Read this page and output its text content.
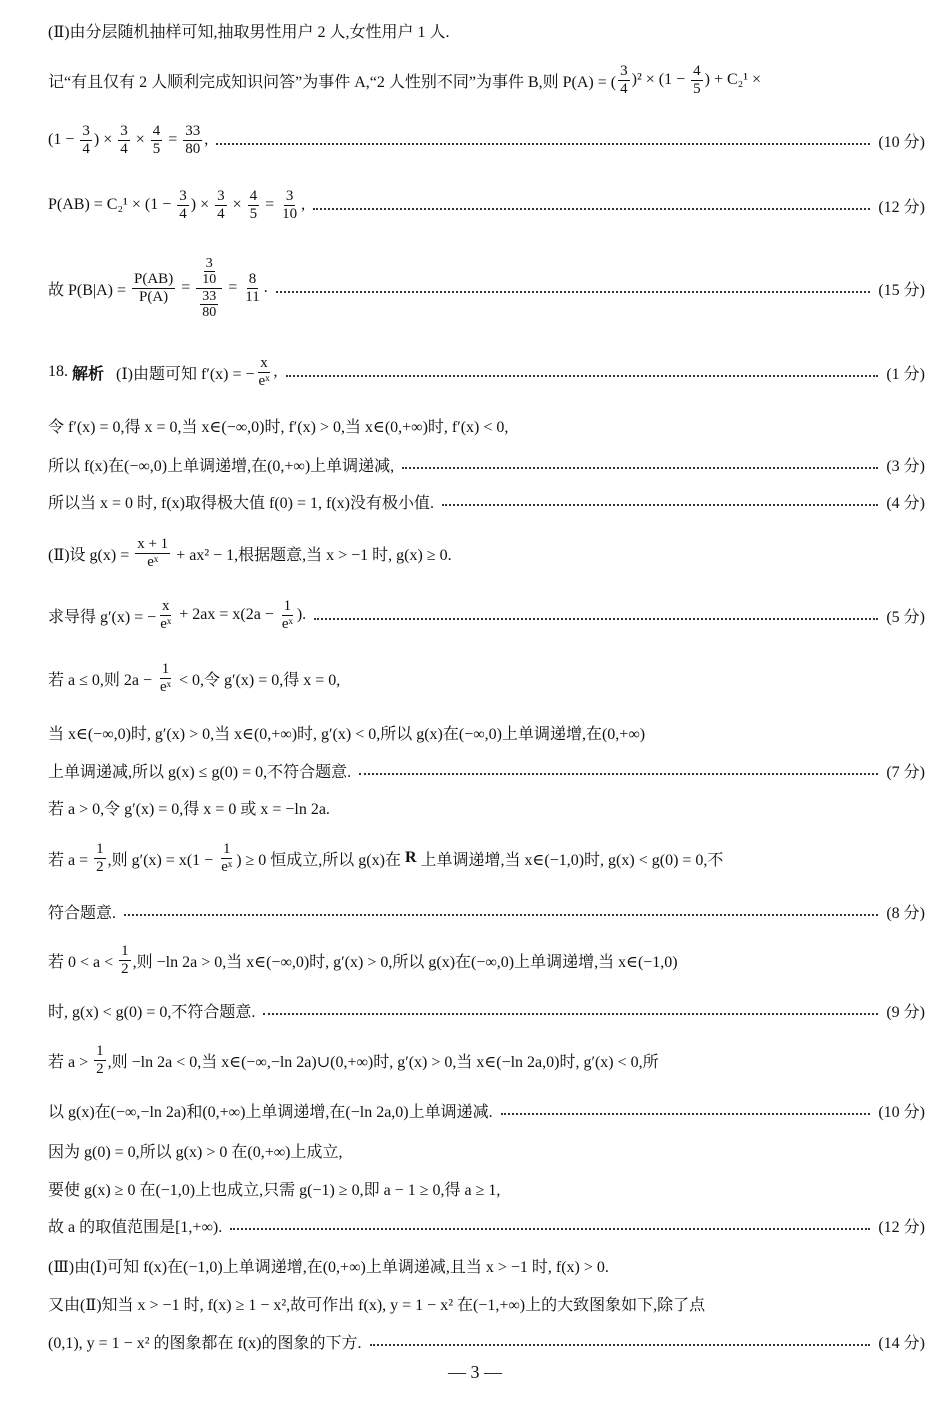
(Ⅱ)由分层随机抽样可知,抽取男性用户 2 人,女性用户 1 人.
记“有且仅有 2 人顺利完成知识问答”为事件 A,“2 人性别不同”为事件 B,则 P(A) = ( $\frac{3}{4} )^2 \times (1 - \frac{4}{5}$ ) + C₂¹ ×
($1 - \frac{3}{4}$ ) × $\frac{3}{4} \times \frac{4}{5} = \frac{33}{80}$ ,	(10 分)
$P(AB) = C_2^1 \times (1 - \frac{3}{4}$ ) × $\frac{3}{4} \times \frac{4}{5} = \frac{3}{10}$ ,	(12 分)
故 $P(B|A) = \frac{P(AB)}{P(A)} = \frac{\frac{3}{10}}{\frac{33}{80}} = \frac{8}{11}$ .	(15 分)
18. 解析 (Ⅰ)由题可知 f′(x) = − $\frac{x}{\text{eˣ}}$ ,	(1 分)
令 f′(x) = 0,得 x = 0,当 x∈(−∞,0)时, f′(x) > 0,当 x∈(0,+∞)时, f′(x) < 0,
所以 f(x)在(−∞,0)上单调递增,在(0,+∞)上单调递减,	(3 分)
所以当 x = 0 时, f(x)取得极大值 f(0) = 1, f(x)没有极小值.	(4 分)
(Ⅱ)设 $g(x) = \frac{x + 1}{\text{eˣ}} + ax^2 - 1$,根据题意,当 x > −1 时, g(x) ≥ 0.
求导得 g′(x) = − $\frac{x}{\text{eˣ}} + 2ax = x(2a - \frac{1}{\text{eˣ}}$ ).	(5 分)
若 a ≤ 0,则 $2a - \frac{1}{\text{eˣ}} < 0$,令 g′(x) = 0,得 x = 0,
当 x∈(−∞,0)时, g′(x) > 0,当 x∈(0,+∞)时, g′(x) < 0,所以 g(x)在(−∞,0)上单调递增,在(0,+∞)
上单调递减,所以 g(x) ≤ g(0) = 0,不符合题意.	(7 分)
若 a > 0,令 g′(x) = 0,得 x = 0 或 x = −ln 2a.
若 $a = \frac{1}{2}$ ,则 $g'(x) = x(1 - \frac{1}{\text{eˣ}}$ ) ≥ 0 恒成立,所以 g(x)在 R 上单调递增,当 x∈(−1,0)时, g(x) < g(0) = 0,不
符合题意.	(8 分)
若 $0 < a < \frac{1}{2}$ ,则 −ln 2a > 0,当 x∈(−∞,0)时, g′(x) > 0,所以 g(x)在(−∞,0)上单调递增,当 x∈(−1,0)
时, g(x) < g(0) = 0,不符合题意.	(9 分)
若 $a > \frac{1}{2}$ ,则 −ln 2a < 0,当 x∈(−∞,−ln 2a)∪(0,+∞)时, g′(x) > 0,当 x∈(−ln 2a,0)时, g′(x) < 0,所
以 g(x)在(−∞,−ln 2a)和(0,+∞)上单调递增,在(−ln 2a,0)上单调递减.	(10 分)
因为 g(0) = 0,所以 g(x) > 0 在(0,+∞)上成立,
要使 g(x) ≥ 0 在(−1,0)上也成立,只需 g(−1) ≥ 0,即 a − 1 ≥ 0,得 a ≥ 1,
故 a 的取值范围是[1,+∞).	(12 分)
(Ⅲ)由(Ⅰ)可知 f(x)在(−1,0)上单调递增,在(0,+∞)上单调递减,且当 x > −1 时, f(x) > 0.
又由(Ⅱ)知当 x > −1 时, f(x) ≥ 1 − x²,故可作出 f(x), y = 1 − x² 在(−1,+∞)上的大致图象如下,除了点
(0,1), y = 1 − x² 的图象都在 f(x)的图象的下方.	(14 分)
— 3 —
